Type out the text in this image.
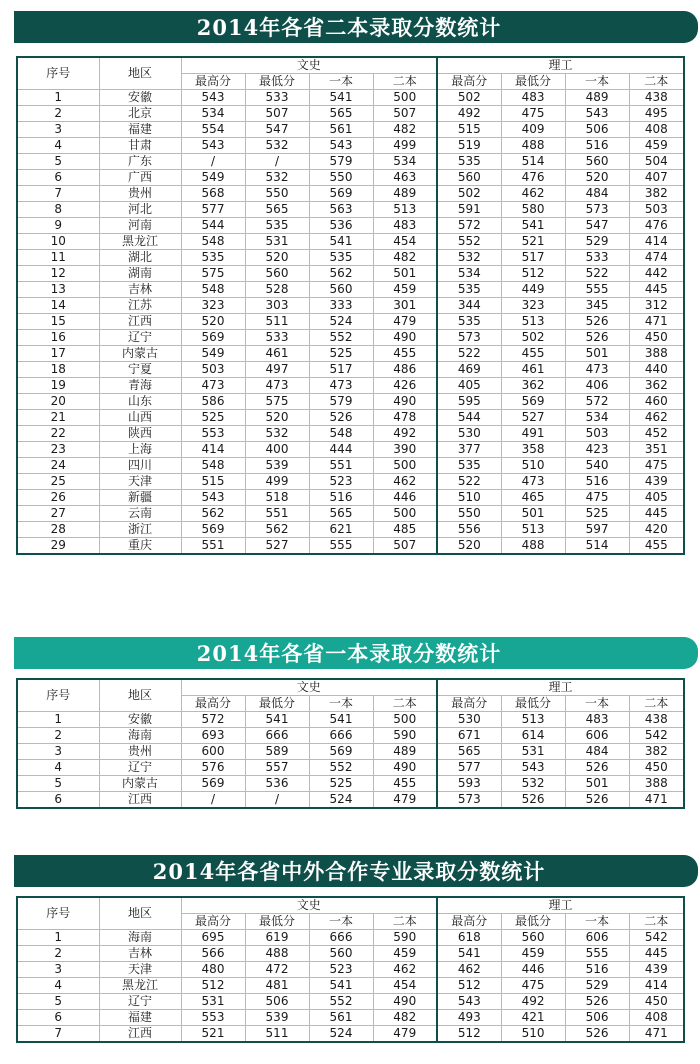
2014年各省二本录取分数统计
序号	地区	文史				理工			
		最高分	最低分	一本	二本	最高分	最低分	一本	二本
1	安徽	543	533	541	500	502	483	489	438
2	北京	534	507	565	507	492	475	543	495
3	福建	554	547	561	482	515	409	506	408
4	甘肃	543	532	543	499	519	488	516	459
5	广东	/	/	579	534	535	514	560	504
6	广西	549	532	550	463	560	476	520	407
7	贵州	568	550	569	489	502	462	484	382
8	河北	577	565	563	513	591	580	573	503
9	河南	544	535	536	483	572	541	547	476
10	黑龙江	548	531	541	454	552	521	529	414
11	湖北	535	520	535	482	532	517	533	474
12	湖南	575	560	562	501	534	512	522	442
13	吉林	548	528	560	459	535	449	555	445
14	江苏	323	303	333	301	344	323	345	312
15	江西	520	511	524	479	535	513	526	471
16	辽宁	569	533	552	490	573	502	526	450
17	内蒙古	549	461	525	455	522	455	501	388
18	宁夏	503	497	517	486	469	461	473	440
19	青海	473	473	473	426	405	362	406	362
20	山东	586	575	579	490	595	569	572	460
21	山西	525	520	526	478	544	527	534	462
22	陕西	553	532	548	492	530	491	503	452
23	上海	414	400	444	390	377	358	423	351
24	四川	548	539	551	500	535	510	540	475
25	天津	515	499	523	462	522	473	516	439
26	新疆	543	518	516	446	510	465	475	405
27	云南	562	551	565	500	550	501	525	445
28	浙江	569	562	621	485	556	513	597	420
29	重庆	551	527	555	507	520	488	514	455
2014年各省一本录取分数统计
序号	地区	文史				理工			
		最高分	最低分	一本	二本	最高分	最低分	一本	二本
1	安徽	572	541	541	500	530	513	483	438
2	海南	693	666	666	590	671	614	606	542
3	贵州	600	589	569	489	565	531	484	382
4	辽宁	576	557	552	490	577	543	526	450
5	内蒙古	569	536	525	455	593	532	501	388
6	江西	/	/	524	479	573	526	526	471
2014年各省中外合作专业录取分数统计
序号	地区	文史				理工			
		最高分	最低分	一本	二本	最高分	最低分	一本	二本
1	海南	695	619	666	590	618	560	606	542
2	吉林	566	488	560	459	541	459	555	445
3	天津	480	472	523	462	462	446	516	439
4	黑龙江	512	481	541	454	512	475	529	414
5	辽宁	531	506	552	490	543	492	526	450
6	福建	553	539	561	482	493	421	506	408
7	江西	521	511	524	479	512	510	526	471
